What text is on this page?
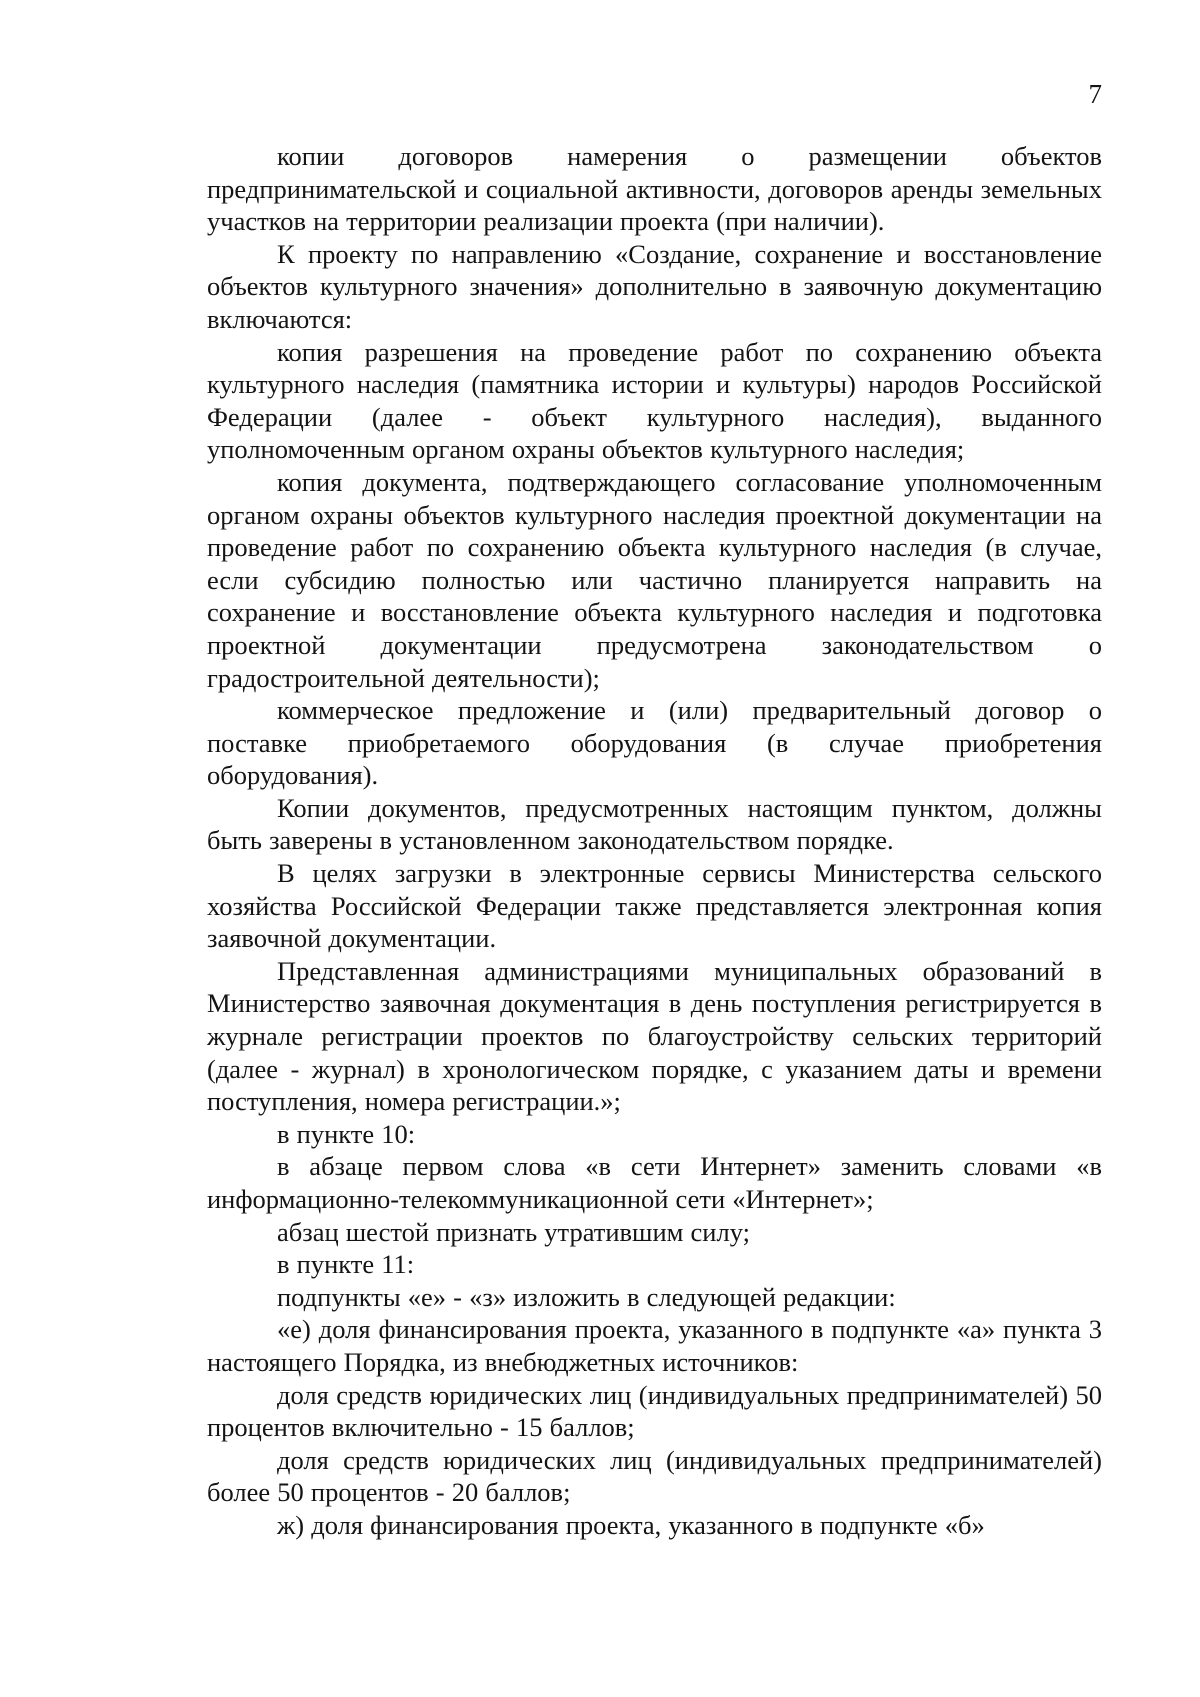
7

копии договоров намерения о размещении объектов предпринимательской и социальной активности, договоров аренды земельных участков на территории реализации проекта (при наличии).

К проекту по направлению «Создание, сохранение и восстановление объектов культурного значения» дополнительно в заявочную документацию включаются:

копия разрешения на проведение работ по сохранению объекта культурного наследия (памятника истории и культуры) народов Российской Федерации (далее - объект культурного наследия), выданного уполномоченным органом охраны объектов культурного наследия;

копия документа, подтверждающего согласование уполномоченным органом охраны объектов культурного наследия проектной документации на проведение работ по сохранению объекта культурного наследия (в случае, если субсидию полностью или частично планируется направить на сохранение и восстановление объекта культурного наследия и подготовка проектной документации предусмотрена законодательством о градостроительной деятельности);

коммерческое предложение и (или) предварительный договор о поставке приобретаемого оборудования (в случае приобретения оборудования).

Копии документов, предусмотренных настоящим пунктом, должны быть заверены в установленном законодательством порядке.

В целях загрузки в электронные сервисы Министерства сельского хозяйства Российской Федерации также представляется электронная копия заявочной документации.

Представленная администрациями муниципальных образований в Министерство заявочная документация в день поступления регистрируется в журнале регистрации проектов по благоустройству сельских территорий (далее - журнал) в хронологическом порядке, с указанием даты и времени поступления, номера регистрации.»;

в пункте 10:

в абзаце первом слова «в сети Интернет» заменить словами «в информационно-телекоммуникационной сети «Интернет»;

абзац шестой признать утратившим силу;

в пункте 11:

подпункты «е» - «з» изложить в следующей редакции:

«е) доля финансирования проекта, указанного в подпункте «а» пункта 3 настоящего Порядка, из внебюджетных источников:

доля средств юридических лиц (индивидуальных предпринимателей) 50 процентов включительно - 15 баллов;

доля средств юридических лиц (индивидуальных предпринимателей) более 50 процентов - 20 баллов;

ж) доля финансирования проекта, указанного в подпункте «б»
